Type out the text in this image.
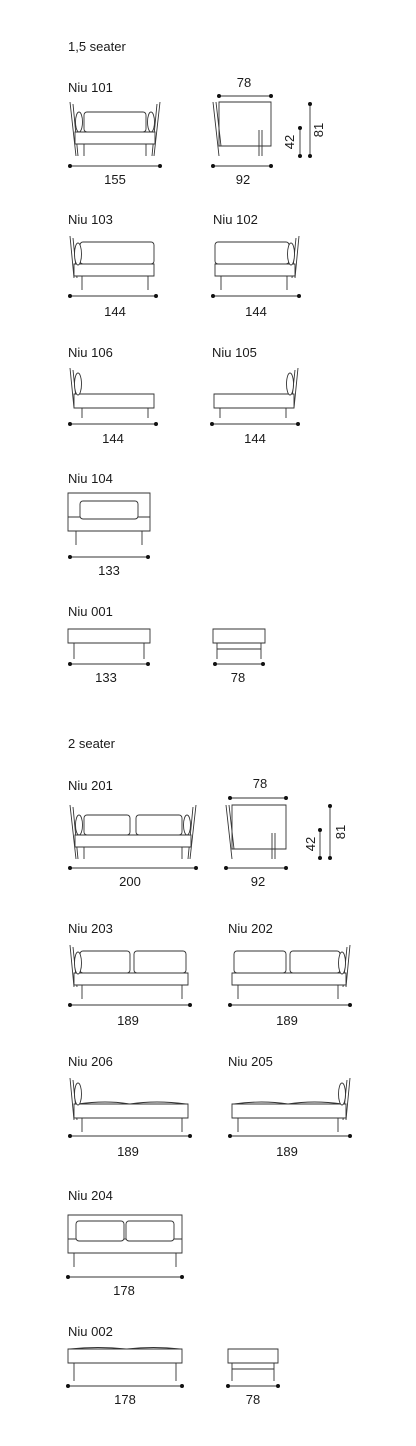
1,5 seater
2 seater
Niu 101
155
78
92
42
81
Niu 103
144
Niu 102
144
Niu 106
144
Niu 105
144
Niu 104
133
Niu 001
133	78
Niu 201
200
78
92
42
81
Niu 203
189
Niu 202
189
Niu 206
189
Niu 205
189
Niu 204
178
Niu 002
178	78
